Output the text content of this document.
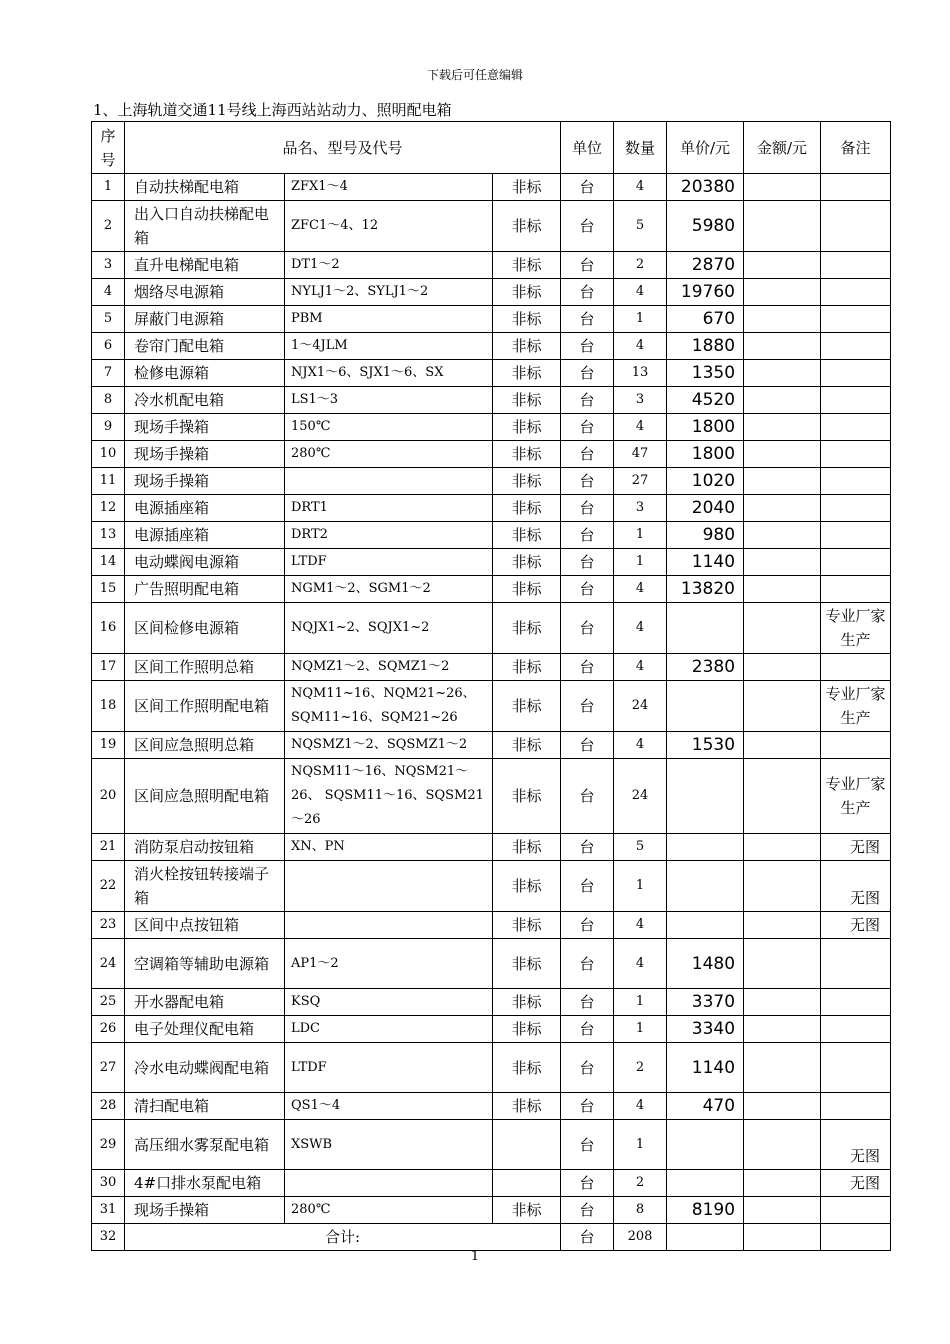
下载后可任意编辑
1、上海轨道交通11号线上海西站站动力、照明配电箱
序号	品名、型号及代号			单位	数量	单价/元	金额/元	备注
1	自动扶梯配电箱	ZFX1～4	非标	台	4	20380		
2	出入口自动扶梯配电箱	ZFC1～4、12	非标	台	5	5980		
3	直升电梯配电箱	DT1～2	非标	台	2	2870		
4	烟络尽电源箱	NYLJ1～2、SYLJ1～2	非标	台	4	19760		
5	屏蔽门电源箱	PBM	非标	台	1	670		
6	卷帘门配电箱	1～4JLM	非标	台	4	1880		
7	检修电源箱	NJX1～6、SJX1～6、SX	非标	台	13	1350		
8	冷水机配电箱	LS1～3	非标	台	3	4520		
9	现场手操箱	150℃	非标	台	4	1800		
10	现场手操箱	280℃	非标	台	47	1800		
11	现场手操箱		非标	台	27	1020		
12	电源插座箱	DRT1	非标	台	3	2040		
13	电源插座箱	DRT2	非标	台	1	980		
14	电动蝶阀电源箱	LTDF	非标	台	1	1140		
15	广告照明配电箱	NGM1～2、SGM1～2	非标	台	4	13820		
16	区间检修电源箱	NQJX1~2、SQJX1~2	非标	台	4			专业厂家生产
17	区间工作照明总箱	NQMZ1～2、SQMZ1～2	非标	台	4	2380		
18	区间工作照明配电箱	NQM11~16、NQM21~26、SQM11~16、SQM21~26	非标	台	24			专业厂家生产
19	区间应急照明总箱	NQSMZ1～2、SQSMZ1～2	非标	台	4	1530		
20	区间应急照明配电箱	NQSM11～16、NQSM21～26、 SQSM11～16、SQSM21～26	非标	台	24			专业厂家生产
21	消防泵启动按钮箱	XN、PN	非标	台	5			无图
22	消火栓按钮转接端子箱		非标	台	1			无图
23	区间中点按钮箱		非标	台	4			无图
24	空调箱等辅助电源箱	AP1～2	非标	台	4	1480		
25	开水器配电箱	KSQ	非标	台	1	3370		
26	电子处理仪配电箱	LDC	非标	台	1	3340		
27	冷水电动蝶阀配电箱	LTDF	非标	台	2	1140		
28	清扫配电箱	QS1～4	非标	台	4	470		
29	高压细水雾泵配电箱	XSWB		台	1			无图
30	4#口排水泵配电箱			台	2			无图
31	现场手操箱	280℃	非标	台	8	8190		
32	合计:			台	208			
1
